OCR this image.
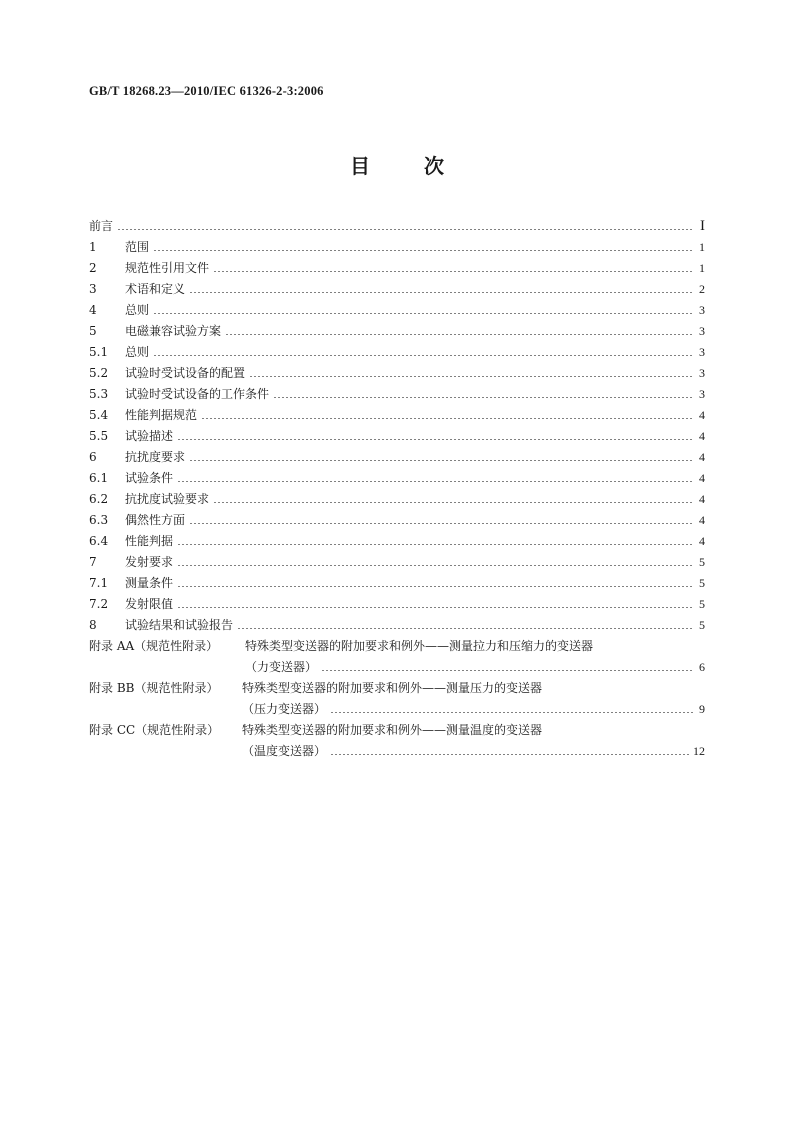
GB/T 18268.23—2010/IEC 61326-2-3:2006

目	次
前言	I
1	范围	1
2	规范性引用文件	1
3	术语和定义	2
4	总则	3
5	电磁兼容试验方案	3
5.1	总则	3
5.2	试验时受试设备的配置	3
5.3	试验时受试设备的工作条件	3
5.4	性能判据规范	4
5.5	试验描述	4
6	抗扰度要求	4
6.1	试验条件	4
6.2	抗扰度试验要求	4
6.3	偶然性方面	4
6.4	性能判据	4
7	发射要求	5
7.1	测量条件	5
7.2	发射限值	5
8	试验结果和试验报告	5
附录 AA（规范性附录）	特殊类型变送器的附加要求和例外——测量拉力和压缩力的变送器
（力变送器）	6
附录 BB（规范性附录）	特殊类型变送器的附加要求和例外——测量压力的变送器
（压力变送器）	9
附录 CC（规范性附录）	特殊类型变送器的附加要求和例外——测量温度的变送器
（温度变送器）	12
